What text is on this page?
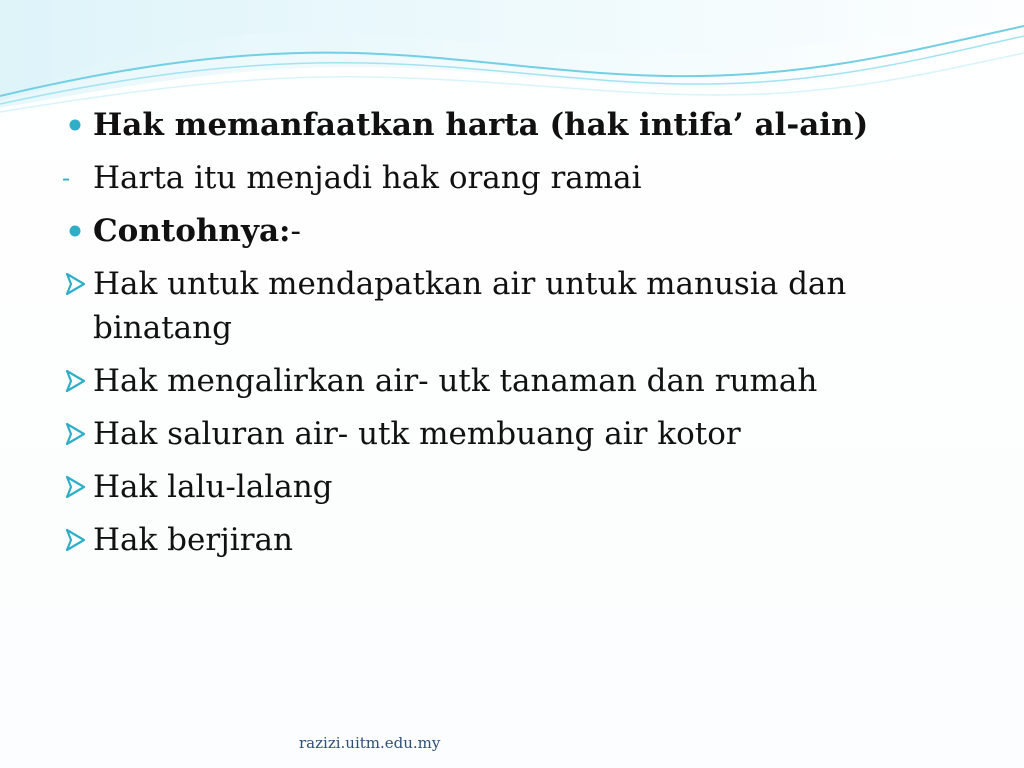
Hak memanfaatkan harta (hak intifa’ al-ain)
- Harta itu menjadi hak orang ramai
Contohnya:-
Hak untuk mendapatkan air untuk manusia dan binatang
Hak mengalirkan air- utk tanaman dan rumah
Hak saluran air- utk membuang air kotor
Hak lalu-lalang
Hak berjiran
razizi.uitm.edu.my
